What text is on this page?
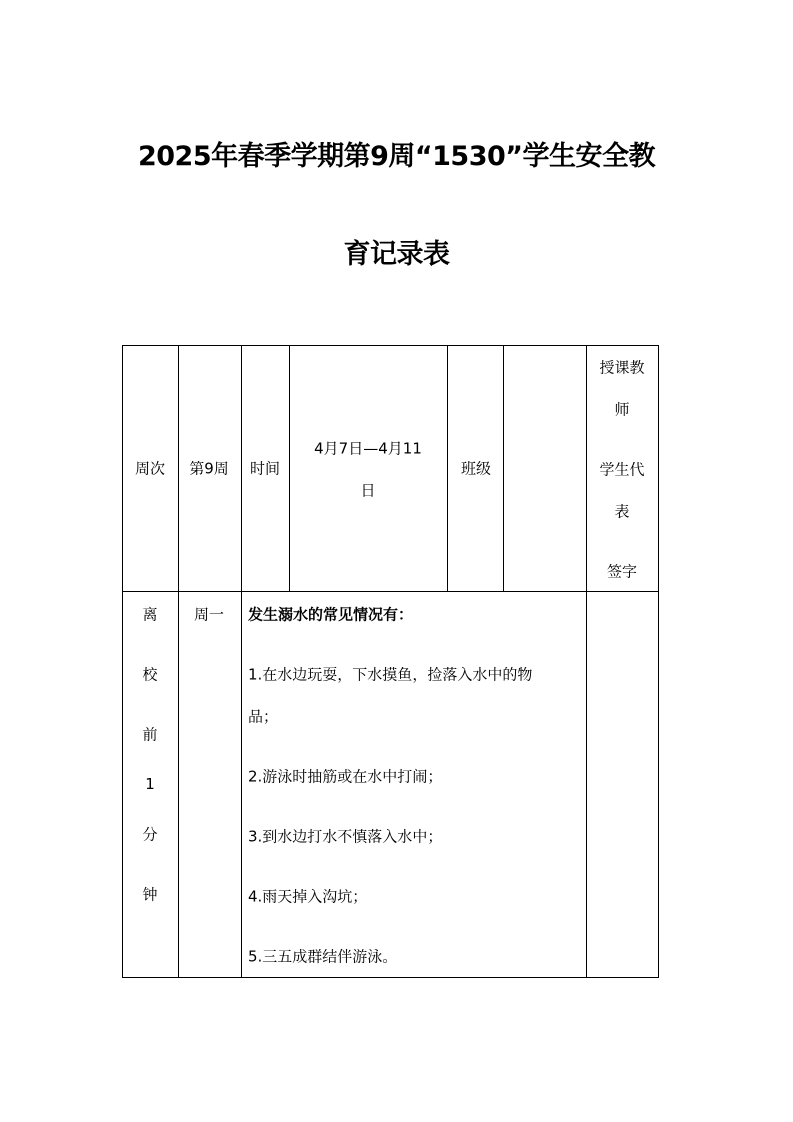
2025年春季学期第9周“1530”学生安全教
育记录表
周次 第9周 时间
4月7日—4月11
日
班级
授课教
师
学生代
表
签字
离
校
前
1
分
钟
周一 发生溺水的常见情况有：
1.在水边玩耍，下水摸鱼，捡落入水中的物
品；
2.游泳时抽筋或在水中打闹；
3.到水边打水不慎落入水中；
4.雨天掉入沟坑；
5.三五成群结伴游泳。
